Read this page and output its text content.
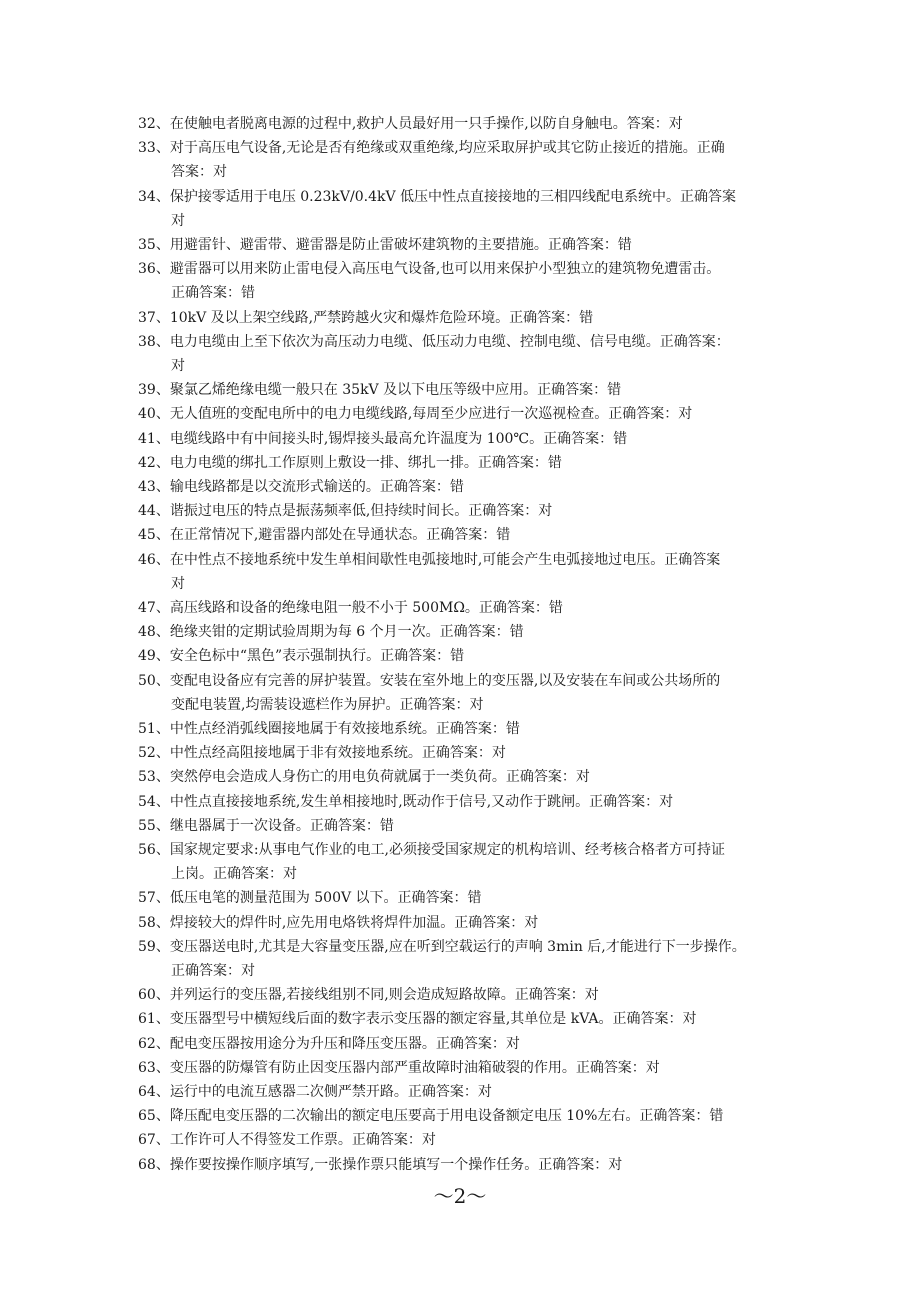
32、在使触电者脱离电源的过程中,救护人员最好用一只手操作,以防自身触电。答案：对
33、对于高压电气设备,无论是否有绝缘或双重绝缘,均应采取屏护或其它防止接近的措施。正确
答案：对
34、保护接零适用于电压 0.23kV/0.4kV 低压中性点直接接地的三相四线配电系统中。正确答案
对
35、用避雷针、避雷带、避雷器是防止雷破坏建筑物的主要措施。正确答案：错
36、避雷器可以用来防止雷电侵入高压电气设备,也可以用来保护小型独立的建筑物免遭雷击。
正确答案：错
37、10kV 及以上架空线路,严禁跨越火灾和爆炸危险环境。正确答案：错
38、电力电缆由上至下依次为高压动力电缆、低压动力电缆、控制电缆、信号电缆。正确答案：
对
39、聚氯乙烯绝缘电缆一般只在 35kV 及以下电压等级中应用。正确答案：错
40、无人值班的变配电所中的电力电缆线路,每周至少应进行一次巡视检查。正确答案：对
41、电缆线路中有中间接头时,锡焊接头最高允许温度为 100℃。正确答案：错
42、电力电缆的绑扎工作原则上敷设一排、绑扎一排。正确答案：错
43、输电线路都是以交流形式输送的。正确答案：错
44、谐振过电压的特点是振荡频率低,但持续时间长。正确答案：对
45、在正常情况下,避雷器内部处在导通状态。正确答案：错
46、在中性点不接地系统中发生单相间歇性电弧接地时,可能会产生电弧接地过电压。正确答案
对
47、高压线路和设备的绝缘电阻一般不小于 500MΩ。正确答案：错
48、绝缘夹钳的定期试验周期为每 6 个月一次。正确答案：错
49、安全色标中“黑色”表示强制执行。正确答案：错
50、变配电设备应有完善的屏护装置。安装在室外地上的变压器,以及安装在车间或公共场所的
变配电装置,均需装设遮栏作为屏护。正确答案：对
51、中性点经消弧线圈接地属于有效接地系统。正确答案：错
52、中性点经高阻接地属于非有效接地系统。正确答案：对
53、突然停电会造成人身伤亡的用电负荷就属于一类负荷。正确答案：对
54、中性点直接接地系统,发生单相接地时,既动作于信号,又动作于跳闸。正确答案：对
55、继电器属于一次设备。正确答案：错
56、国家规定要求:从事电气作业的电工,必须接受国家规定的机构培训、经考核合格者方可持证
上岗。正确答案：对
57、低压电笔的测量范围为 500V 以下。正确答案：错
58、焊接较大的焊件时,应先用电烙铁将焊件加温。正确答案：对
59、变压器送电时,尤其是大容量变压器,应在听到空载运行的声响 3min 后,才能进行下一步操作。
正确答案：对
60、并列运行的变压器,若接线组别不同,则会造成短路故障。正确答案：对
61、变压器型号中横短线后面的数字表示变压器的额定容量,其单位是 kVA。正确答案：对
62、配电变压器按用途分为升压和降压变压器。正确答案：对
63、变压器的防爆管有防止因变压器内部严重故障时油箱破裂的作用。正确答案：对
64、运行中的电流互感器二次侧严禁开路。正确答案：对
65、降压配电变压器的二次输出的额定电压要高于用电设备额定电压 10%左右。正确答案：错
67、工作许可人不得签发工作票。正确答案：对
68、操作要按操作顺序填写,一张操作票只能填写一个操作任务。正确答案：对
～2～
